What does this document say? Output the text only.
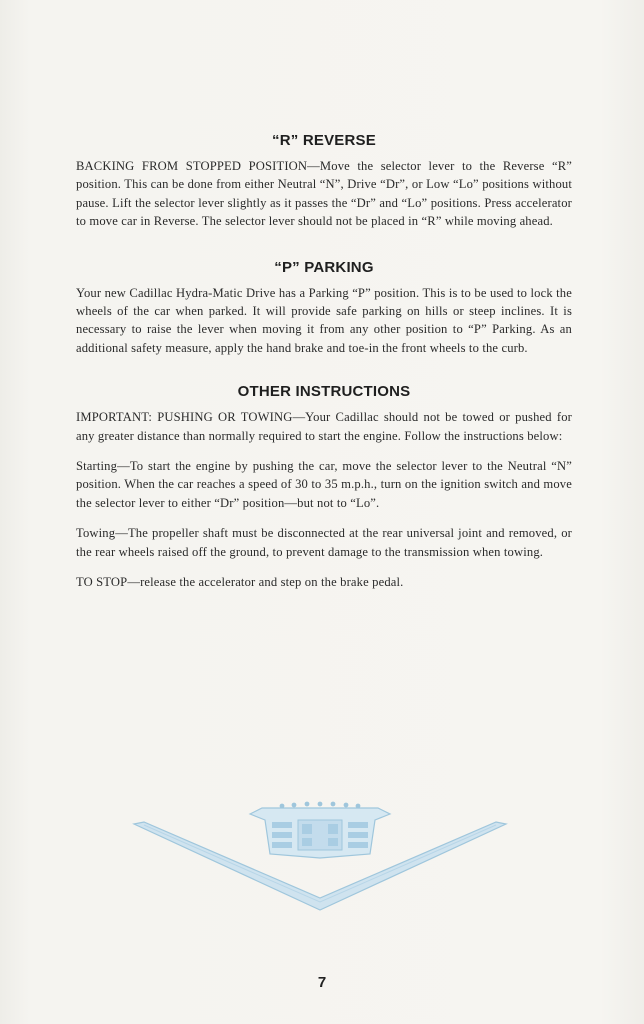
“R” REVERSE

BACKING FROM STOPPED POSITION—Move the selector lever to the Reverse “R” position. This can be done from either Neutral “N”, Drive “Dr”, or Low “Lo” positions without pause. Lift the selector lever slightly as it passes the “Dr” and “Lo” positions. Press accelerator to move car in Reverse. The selector lever should not be placed in “R” while moving ahead.

“P” PARKING

Your new Cadillac Hydra-Matic Drive has a Parking “P” position. This is to be used to lock the wheels of the car when parked. It will provide safe parking on hills or steep inclines. It is necessary to raise the lever when moving it from any other position to “P” Parking. As an additional safety measure, apply the hand brake and toe-in the front wheels to the curb.

OTHER INSTRUCTIONS

IMPORTANT: PUSHING OR TOWING—Your Cadillac should not be towed or pushed for any greater distance than normally required to start the engine. Follow the instructions below:

Starting—To start the engine by pushing the car, move the selector lever to the Neutral “N” position. When the car reaches a speed of 30 to 35 m.p.h., turn on the ignition switch and move the selector lever to either “Dr” position—but not to “Lo”.

Towing—The propeller shaft must be disconnected at the rear universal joint and removed, or the rear wheels raised off the ground, to prevent damage to the transmission when towing.

TO STOP—release the accelerator and step on the brake pedal.

7
